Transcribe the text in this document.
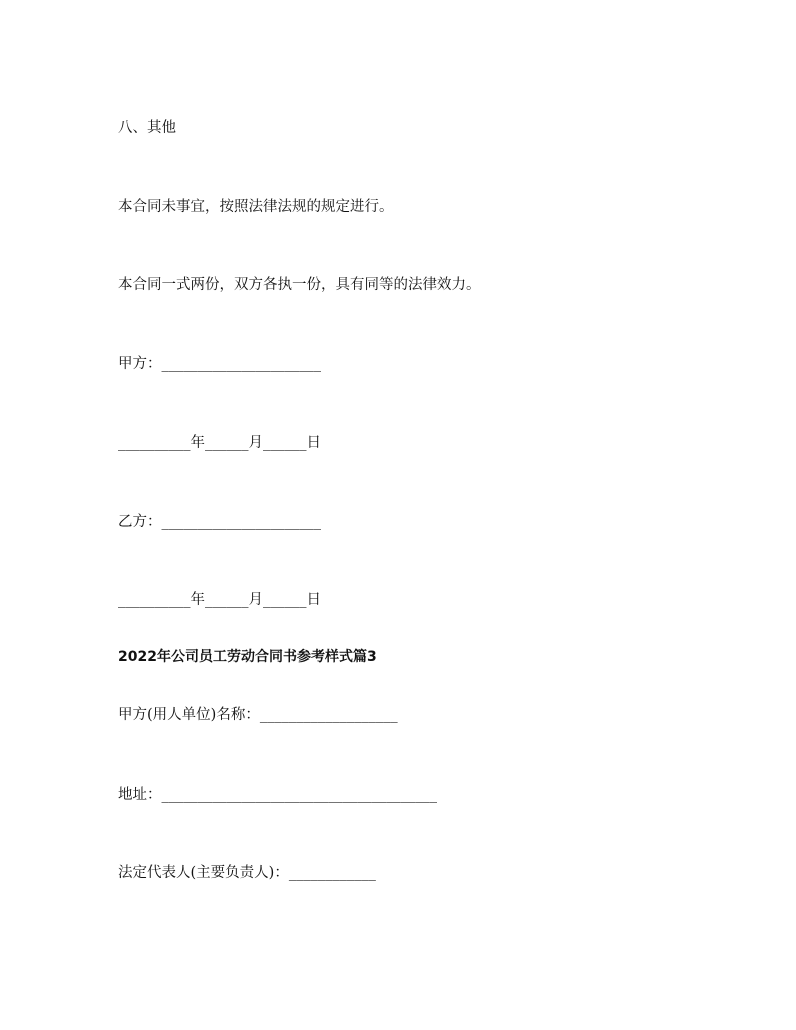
八、其他
本合同未事宜，按照法律法规的规定进行。
本合同一式两份，双方各执一份，具有同等的法律效力。
甲方：______________________
__________年______月______日
乙方：______________________
__________年______月______日
2022年公司员工劳动合同书参考样式篇3
甲方(用人单位)名称：___________________
地址：______________________________________
法定代表人(主要负责人)：____________
